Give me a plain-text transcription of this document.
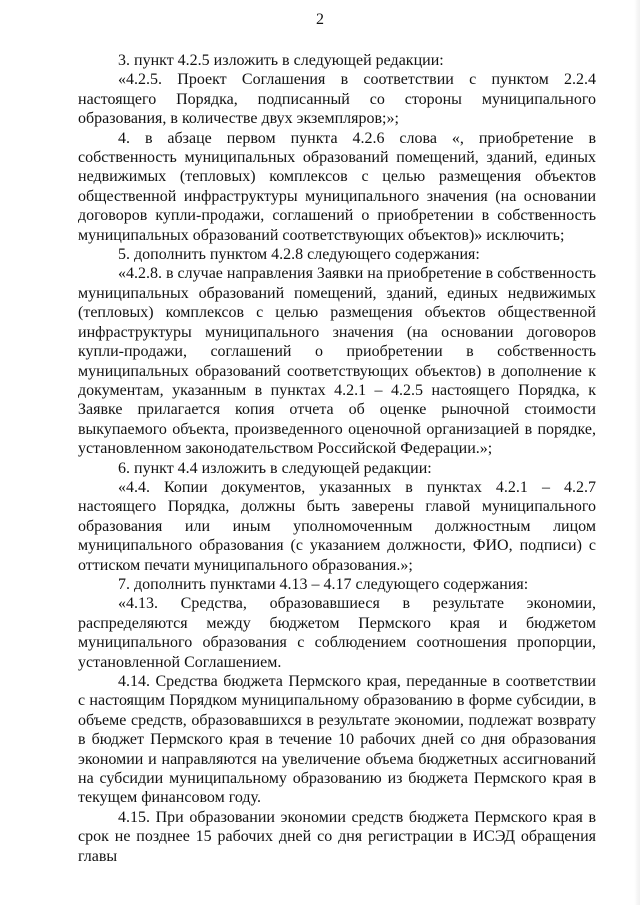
2

3. пункт 4.2.5 изложить в следующей редакции:

«4.2.5. Проект Соглашения в соответствии с пунктом 2.2.4 настоящего Порядка, подписанный со стороны муниципального образования, в количестве двух экземпляров;»;

4. в абзаце первом пункта 4.2.6 слова «, приобретение в собственность муниципальных образований помещений, зданий, единых недвижимых (тепловых) комплексов с целью размещения объектов общественной инфраструктуры муниципального значения (на основании договоров купли-продажи, соглашений о приобретении в собственность муниципальных образований соответствующих объектов)» исключить;

5. дополнить пунктом 4.2.8 следующего содержания:

«4.2.8. в случае направления Заявки на приобретение в собственность муниципальных образований помещений, зданий, единых недвижимых (тепловых) комплексов с целью размещения объектов общественной инфраструктуры муниципального значения (на основании договоров купли-продажи, соглашений о приобретении в собственность муниципальных образований соответствующих объектов) в дополнение к документам, указанным в пунктах 4.2.1 – 4.2.5 настоящего Порядка, к Заявке прилагается копия отчета об оценке рыночной стоимости выкупаемого объекта, произведенного оценочной организацией в порядке, установленном законодательством Российской Федерации.»;

6. пункт 4.4 изложить в следующей редакции:

«4.4. Копии документов, указанных в пунктах 4.2.1 – 4.2.7 настоящего Порядка, должны быть заверены главой муниципального образования или иным уполномоченным должностным лицом муниципального образования (с указанием должности, ФИО, подписи) с оттиском печати муниципального образования.»;

7. дополнить пунктами 4.13 – 4.17 следующего содержания:

«4.13. Средства, образовавшиеся в результате экономии, распределяются между бюджетом Пермского края и бюджетом муниципального образования с соблюдением соотношения пропорции, установленной Соглашением.

4.14. Средства бюджета Пермского края, переданные в соответствии с настоящим Порядком муниципальному образованию в форме субсидии, в объеме средств, образовавшихся в результате экономии, подлежат возврату в бюджет Пермского края в течение 10 рабочих дней со дня образования экономии и направляются на увеличение объема бюджетных ассигнований на субсидии муниципальному образованию из бюджета Пермского края в текущем финансовом году.

4.15. При образовании экономии средств бюджета Пермского края в срок не позднее 15 рабочих дней со дня регистрации в ИСЭД обращения главы
